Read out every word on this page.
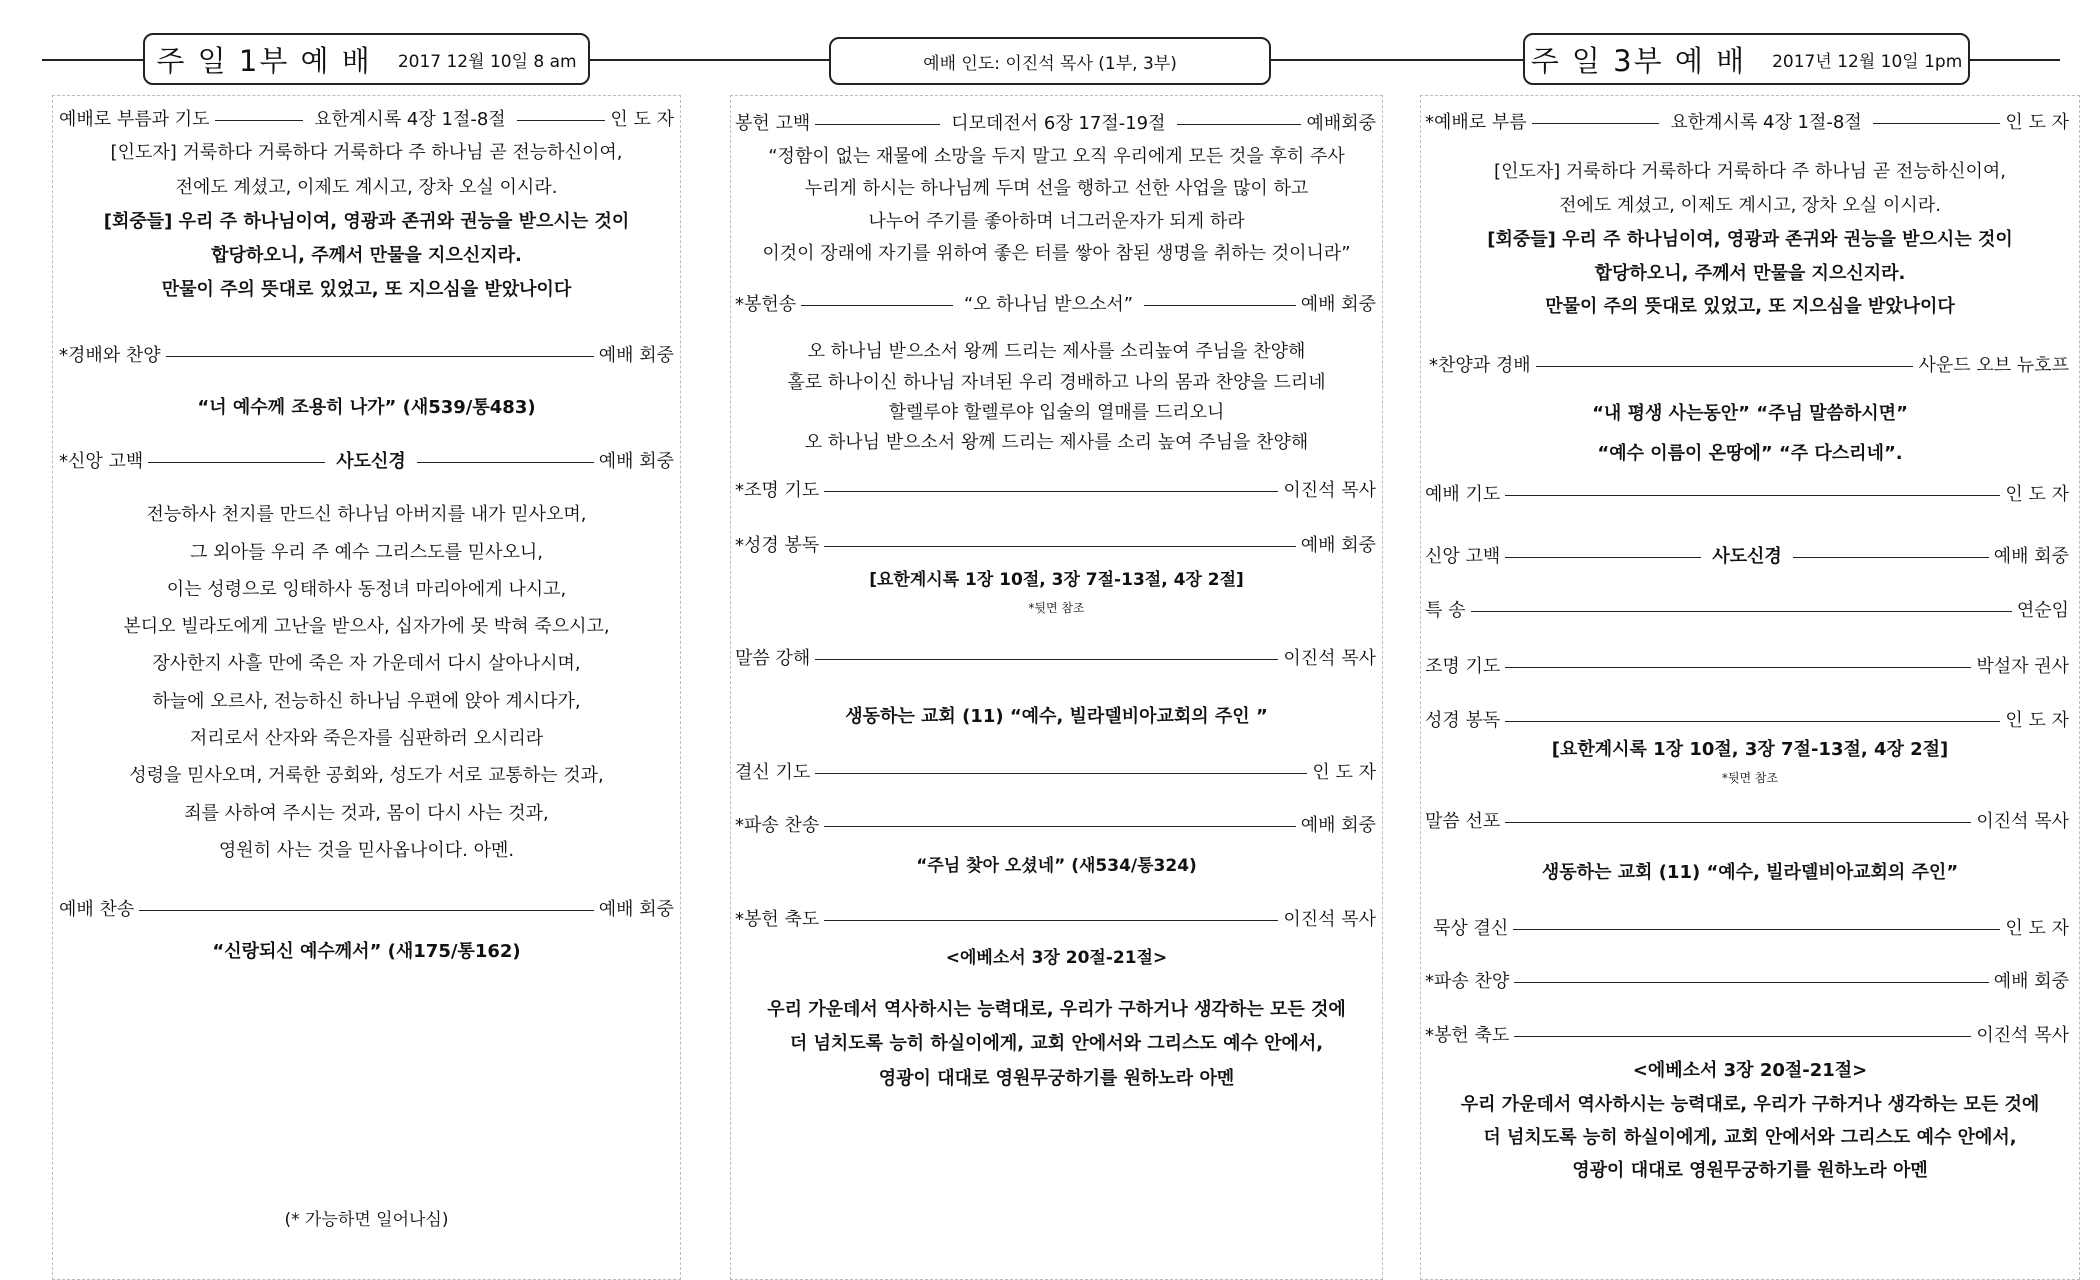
주 일 1부 예 배 2017 12월 10일 8 am	예배 인도: 이진석 목사 (1부, 3부)	주 일 3부 예 배 2017년 12월 10일 1pm
예배로 부름과 기도	요한계시록 4장 1절-8절	인 도 자
[인도자] 거룩하다 거룩하다 거룩하다 주 하나님 곧 전능하신이여,
전에도 계셨고, 이제도 계시고, 장차 오실 이시라.
[회중들] 우리 주 하나님이여, 영광과 존귀와 권능을 받으시는 것이
합당하오니, 주께서 만물을 지으신지라.
만물이 주의 뜻대로 있었고, 또 지으심을 받았나이다
*경배와 찬양	예배 회중
“너 예수께 조용히 나가” (새539/통483)
*신앙 고백	사도신경	예배 회중
전능하사 천지를 만드신 하나님 아버지를 내가 믿사오며,
그 외아들 우리 주 예수 그리스도를 믿사오니,
이는 성령으로 잉태하사 동정녀 마리아에게 나시고,
본디오 빌라도에게 고난을 받으사, 십자가에 못 박혀 죽으시고,
장사한지 사흘 만에 죽은 자 가운데서 다시 살아나시며,
하늘에 오르사, 전능하신 하나님 우편에 앉아 계시다가,
저리로서 산자와 죽은자를 심판하러 오시리라
성령을 믿사오며, 거룩한 공회와, 성도가 서로 교통하는 것과,
죄를 사하여 주시는 것과, 몸이 다시 사는 것과,
영원히 사는 것을 믿사옵나이다. 아멘.
예배 찬송	예배 회중
“신랑되신 예수께서” (새175/통162)
(* 가능하면 일어나심)
봉헌 고백	디모데전서 6장 17절-19절	예배회중
“정함이 없는 재물에 소망을 두지 말고 오직 우리에게 모든 것을 후히 주사
누리게 하시는 하나님께 두며 선을 행하고 선한 사업을 많이 하고
나누어 주기를 좋아하며 너그러운자가 되게 하라
이것이 장래에 자기를 위하여 좋은 터를 쌓아 참된 생명을 취하는 것이니라”
*봉헌송	“오 하나님 받으소서”	예배 회중
오 하나님 받으소서 왕께 드리는 제사를 소리높여 주님을 찬양해
홀로 하나이신 하나님 자녀된 우리 경배하고 나의 몸과 찬양을 드리네
할렐루야 할렐루야 입술의 열매를 드리오니
오 하나님 받으소서 왕께 드리는 제사를 소리 높여 주님을 찬양해
*조명 기도	이진석 목사
*성경 봉독	예배 회중
[요한계시록 1장 10절, 3장 7절-13절, 4장 2절]
*뒷면 참조
말씀 강해	이진석 목사
생동하는 교회 (11) “예수, 빌라델비아교회의 주인 ”
결신 기도	인 도 자
*파송 찬송	예배 회중
“주님 찾아 오셨네” (새534/통324)
*봉헌 축도	이진석 목사
<에베소서 3장 20절-21절>
우리 가운데서 역사하시는 능력대로, 우리가 구하거나 생각하는 모든 것에
더 넘치도록 능히 하실이에게, 교회 안에서와 그리스도 예수 안에서,
영광이 대대로 영원무궁하기를 원하노라 아멘
*예배로 부름	요한계시록 4장 1절-8절	인 도 자
[인도자] 거룩하다 거룩하다 거룩하다 주 하나님 곧 전능하신이여,
전에도 계셨고, 이제도 계시고, 장차 오실 이시라.
[회중들] 우리 주 하나님이여, 영광과 존귀와 권능을 받으시는 것이
합당하오니, 주께서 만물을 지으신지라.
만물이 주의 뜻대로 있었고, 또 지으심을 받았나이다
*찬양과 경배	사운드 오브 뉴호프
“내 평생 사는동안” “주님 말씀하시면”
“예수 이름이 온땅에” “주 다스리네”.
예배 기도	인 도 자
신앙 고백	사도신경	예배 회중
특 송	연순임
조명 기도	박설자 권사
성경 봉독	인 도 자
[요한계시록 1장 10절, 3장 7절-13절, 4장 2절]
*뒷면 참조
말씀 선포	이진석 목사
생동하는 교회 (11) “예수, 빌라델비아교회의 주인”
묵상 결신	인 도 자
*파송 찬양	예배 회중
*봉헌 축도	이진석 목사
<에베소서 3장 20절-21절>
우리 가운데서 역사하시는 능력대로, 우리가 구하거나 생각하는 모든 것에
더 넘치도록 능히 하실이에게, 교회 안에서와 그리스도 예수 안에서,
영광이 대대로 영원무궁하기를 원하노라 아멘
